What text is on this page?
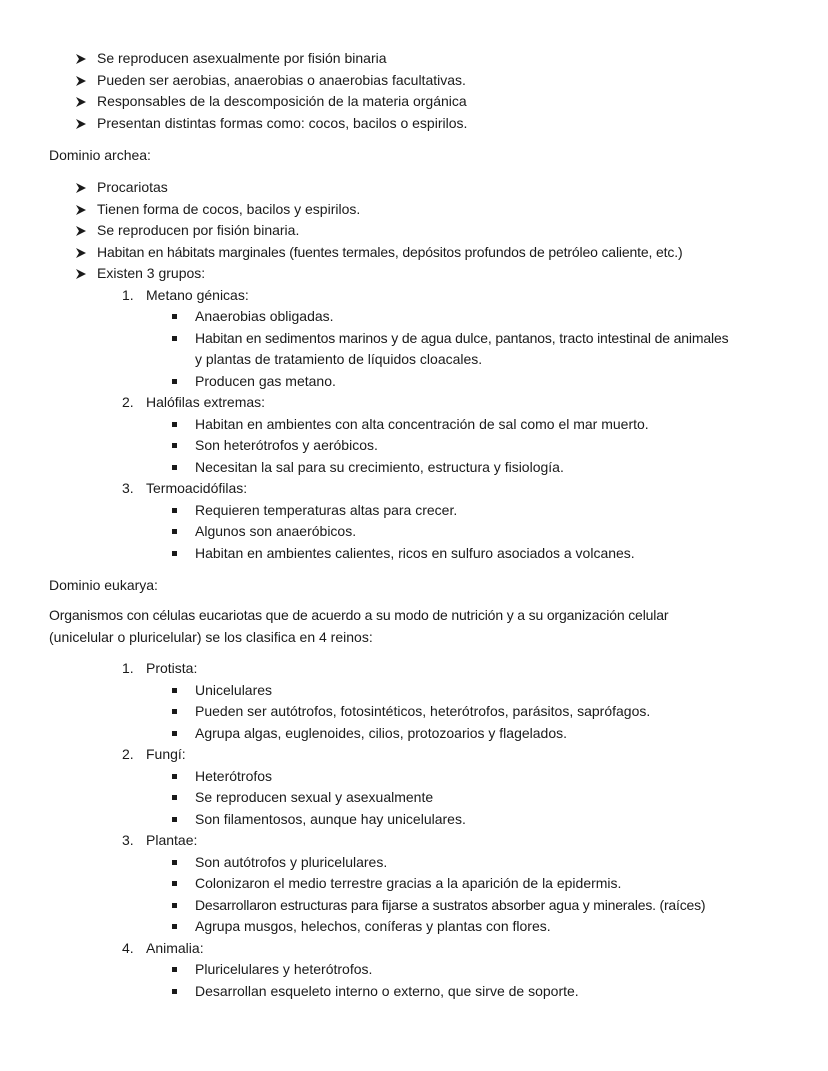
Se reproducen asexualmente por fisión binaria
Pueden ser aerobias, anaerobias o anaerobias facultativas.
Responsables de la descomposición de la materia orgánica
Presentan distintas formas como: cocos, bacilos o espirilos.
Dominio archea:
Procariotas
Tienen forma de cocos, bacilos y espirilos.
Se reproducen por fisión binaria.
Habitan en hábitats marginales (fuentes termales, depósitos profundos de petróleo caliente, etc.)
Existen 3 grupos:
1. Metano génicas:
Anaerobias obligadas.
Habitan en sedimentos marinos y de agua dulce, pantanos, tracto intestinal de animales
y plantas de tratamiento de líquidos cloacales.
Producen gas metano.
2. Halófilas extremas:
Habitan en ambientes con alta concentración de sal como el mar muerto.
Son heterótrofos y aeróbicos.
Necesitan la sal para su crecimiento, estructura y fisiología.
3. Termoacidófilas:
Requieren temperaturas altas para crecer.
Algunos son anaeróbicos.
Habitan en ambientes calientes, ricos en sulfuro asociados a volcanes.
Dominio eukarya:
Organismos con células eucariotas que de acuerdo a su modo de nutrición y a su organización celular
(unicelular o pluricelular) se los clasifica en 4 reinos:
1. Protista:
Unicelulares
Pueden ser autótrofos, fotosintéticos, heterótrofos, parásitos, saprófagos.
Agrupa algas, euglenoides, cilios, protozoarios y flagelados.
2. Fungí:
Heterótrofos
Se reproducen sexual y asexualmente
Son filamentosos, aunque hay unicelulares.
3. Plantae:
Son autótrofos y pluricelulares.
Colonizaron el medio terrestre gracias a la aparición de la epidermis.
Desarrollaron estructuras para fijarse a sustratos absorber agua y minerales. (raíces)
Agrupa musgos, helechos, coníferas y plantas con flores.
4. Animalia:
Pluricelulares y heterótrofos.
Desarrollan esqueleto interno o externo, que sirve de soporte.
